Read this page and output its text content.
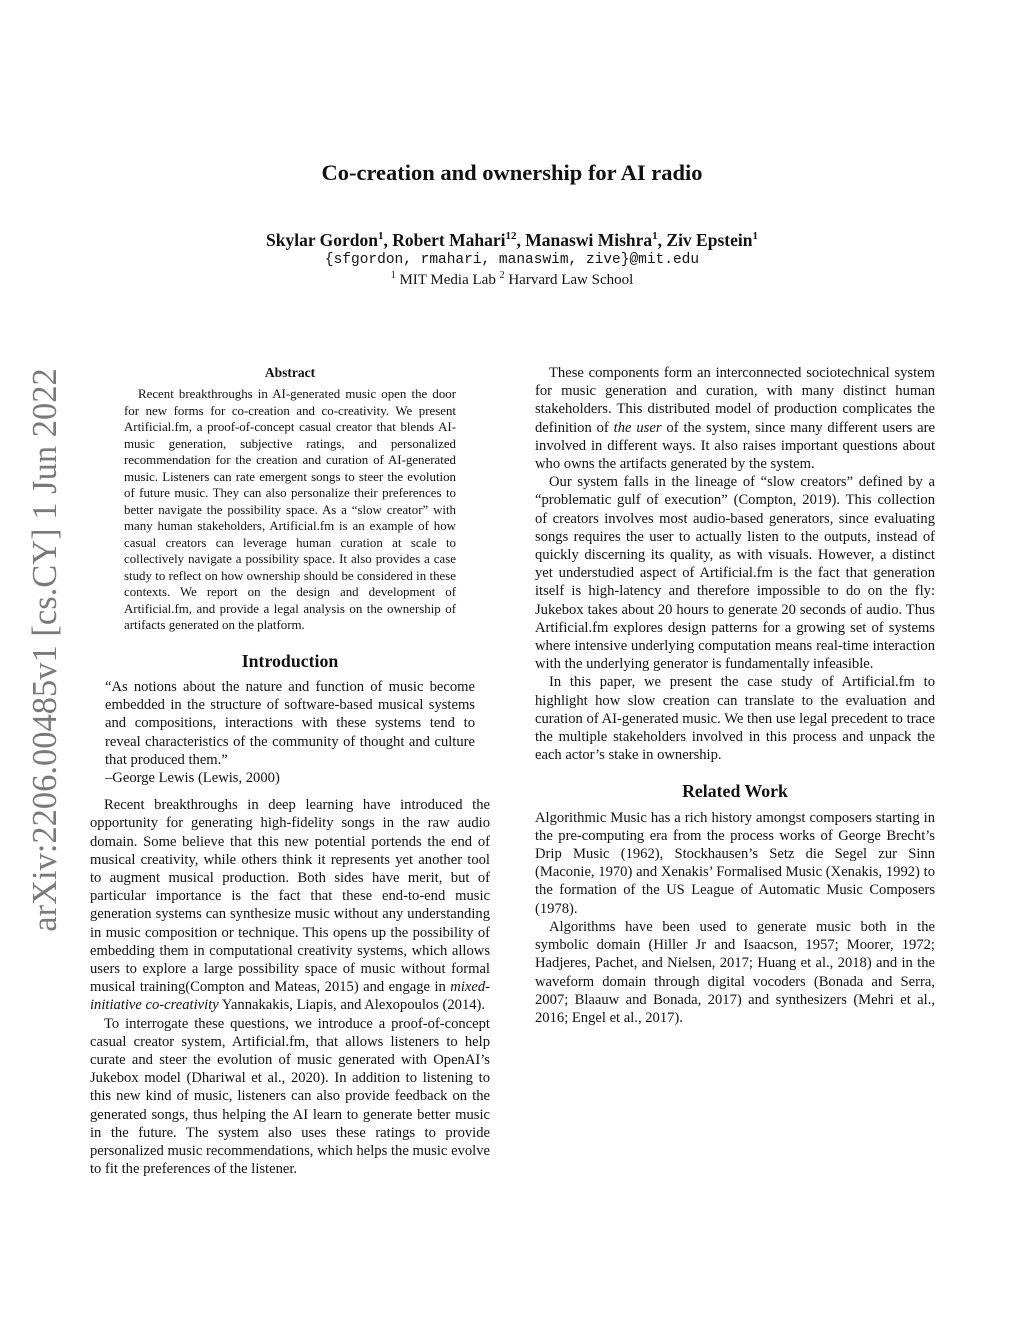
arXiv:2206.00485v1 [cs.CY] 1 Jun 2022
Co-creation and ownership for AI radio
Skylar Gordon$^1$, Robert Mahari$^{12}$, Manaswi Mishra$^1$, Ziv Epstein$^1$
{sfgordon, rmahari, manaswim, zive}@mit.edu
$^1$ MIT Media Lab $^2$ Harvard Law School
Abstract

Recent breakthroughs in AI-generated music open the door for new forms for co-creation and co-creativity. We present Artificial.fm, a proof-of-concept casual creator that blends AI-music generation, subjective ratings, and personalized recommendation for the creation and curation of AI-generated music. Listeners can rate emergent songs to steer the evolution of future music. They can also personalize their preferences to better navigate the possibility space. As a “slow creator” with many human stakeholders, Artificial.fm is an example of how casual creators can leverage human curation at scale to collectively navigate a possibility space. It also provides a case study to reflect on how ownership should be considered in these contexts. We report on the design and development of Artificial.fm, and provide a legal analysis on the ownership of artifacts generated on the platform.

Introduction

“As notions about the nature and function of music become embedded in the structure of software-based musical systems and compositions, interactions with these systems tend to reveal characteristics of the community of thought and culture that produced them.”

–George Lewis (Lewis, 2000)

Recent breakthroughs in deep learning have introduced the opportunity for generating high-fidelity songs in the raw audio domain. Some believe that this new potential portends the end of musical creativity, while others think it represents yet another tool to augment musical production. Both sides have merit, but of particular importance is the fact that these end-to-end music generation systems can synthesize music without any understanding in music composition or technique. This opens up the possibility of embedding them in computational creativity systems, which allows users to explore a large possibility space of music without formal musical training(Compton and Mateas, 2015) and engage in mixed-initiative co-creativity Yannakakis, Liapis, and Alexopoulos (2014).

To interrogate these questions, we introduce a proof-of-concept casual creator system, Artificial.fm, that allows listeners to help curate and steer the evolution of music generated with OpenAI’s Jukebox model (Dhariwal et al., 2020). In addition to listening to this new kind of music, listeners can also provide feedback on the generated songs, thus helping the AI learn to generate better music in the future. The system also uses these ratings to provide personalized music recommendations, which helps the music evolve to fit the preferences of the listener.

These components form an interconnected sociotechnical system for music generation and curation, with many distinct human stakeholders. This distributed model of production complicates the definition of the user of the system, since many different users are involved in different ways. It also raises important questions about who owns the artifacts generated by the system.

Our system falls in the lineage of “slow creators” defined by a “problematic gulf of execution” (Compton, 2019). This collection of creators involves most audio-based generators, since evaluating songs requires the user to actually listen to the outputs, instead of quickly discerning its quality, as with visuals. However, a distinct yet understudied aspect of Artificial.fm is the fact that generation itself is high-latency and therefore impossible to do on the fly: Jukebox takes about 20 hours to generate 20 seconds of audio. Thus Artificial.fm explores design patterns for a growing set of systems where intensive underlying computation means real-time interaction with the underlying generator is fundamentally infeasible.

In this paper, we present the case study of Artificial.fm to highlight how slow creation can translate to the evaluation and curation of AI-generated music. We then use legal precedent to trace the multiple stakeholders involved in this process and unpack the each actor’s stake in ownership.

Related Work

Algorithmic Music has a rich history amongst composers starting in the pre-computing era from the process works of George Brecht’s Drip Music (1962), Stockhausen’s Setz die Segel zur Sinn (Maconie, 1970) and Xenakis’ Formalised Music (Xenakis, 1992) to the formation of the US League of Automatic Music Composers (1978).

Algorithms have been used to generate music both in the symbolic domain (Hiller Jr and Isaacson, 1957; Moorer, 1972; Hadjeres, Pachet, and Nielsen, 2017; Huang et al., 2018) and in the waveform domain through digital vocoders (Bonada and Serra, 2007; Blaauw and Bonada, 2017) and synthesizers (Mehri et al., 2016; Engel et al., 2017).
